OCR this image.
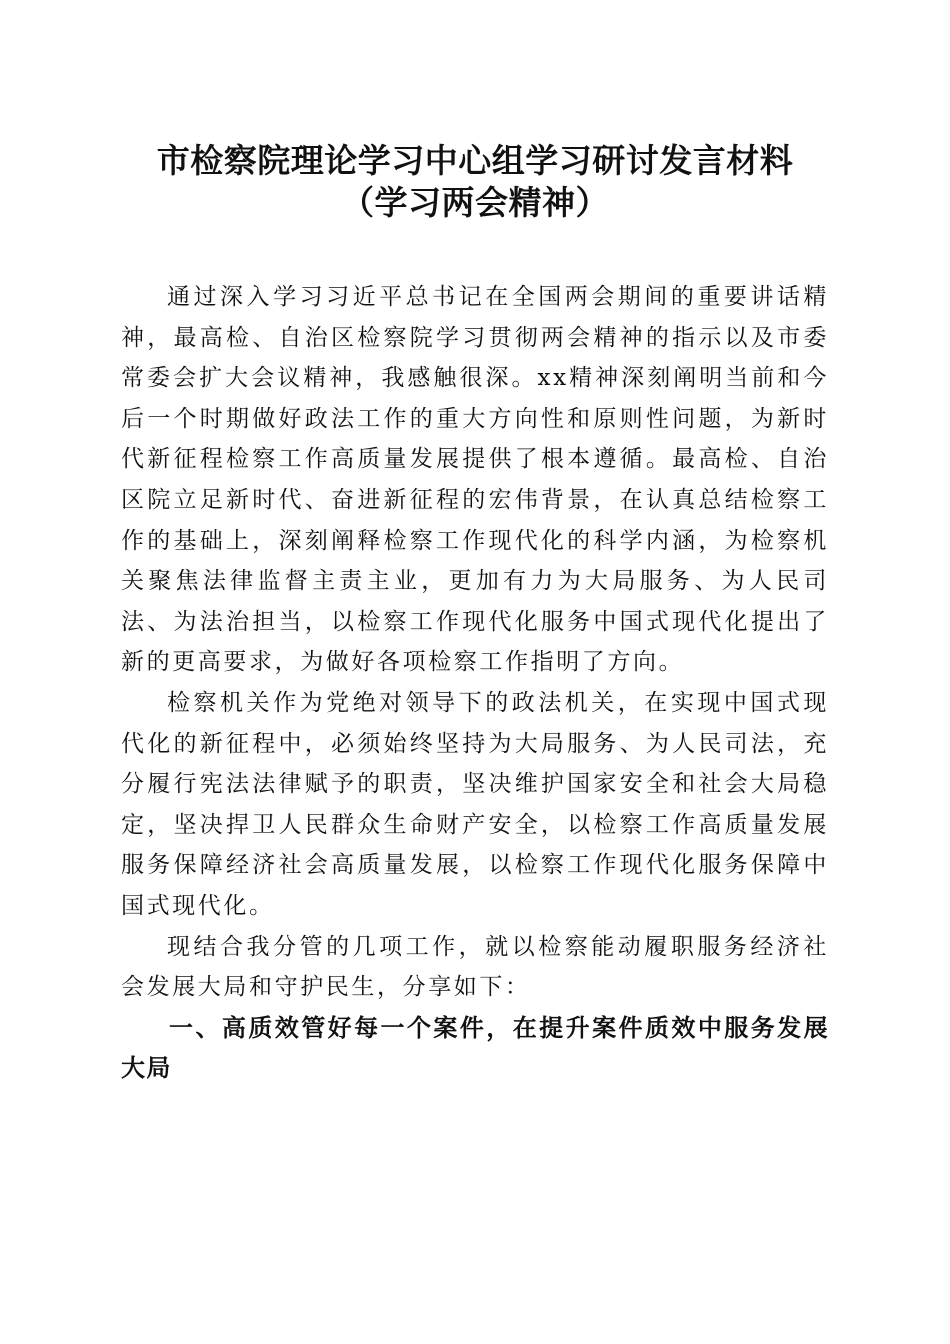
市检察院理论学习中心组学习研讨发言材料
（学习两会精神）

通过深入学习习近平总书记在全国两会期间的重要讲话精神，最高检、自治区检察院学习贯彻两会精神的指示以及市委常委会扩大会议精神，我感触很深。xx精神深刻阐明当前和今后一个时期做好政法工作的重大方向性和原则性问题，为新时代新征程检察工作高质量发展提供了根本遵循。最高检、自治区院立足新时代、奋进新征程的宏伟背景，在认真总结检察工作的基础上，深刻阐释检察工作现代化的科学内涵，为检察机关聚焦法律监督主责主业，更加有力为大局服务、为人民司法、为法治担当，以检察工作现代化服务中国式现代化提出了新的更高要求，为做好各项检察工作指明了方向。

检察机关作为党绝对领导下的政法机关，在实现中国式现代化的新征程中，必须始终坚持为大局服务、为人民司法，充分履行宪法法律赋予的职责，坚决维护国家安全和社会大局稳定，坚决捍卫人民群众生命财产安全，以检察工作高质量发展服务保障经济社会高质量发展，以检察工作现代化服务保障中国式现代化。

现结合我分管的几项工作，就以检察能动履职服务经济社会发展大局和守护民生，分享如下：

一、高质效管好每一个案件，在提升案件质效中服务发展大局
